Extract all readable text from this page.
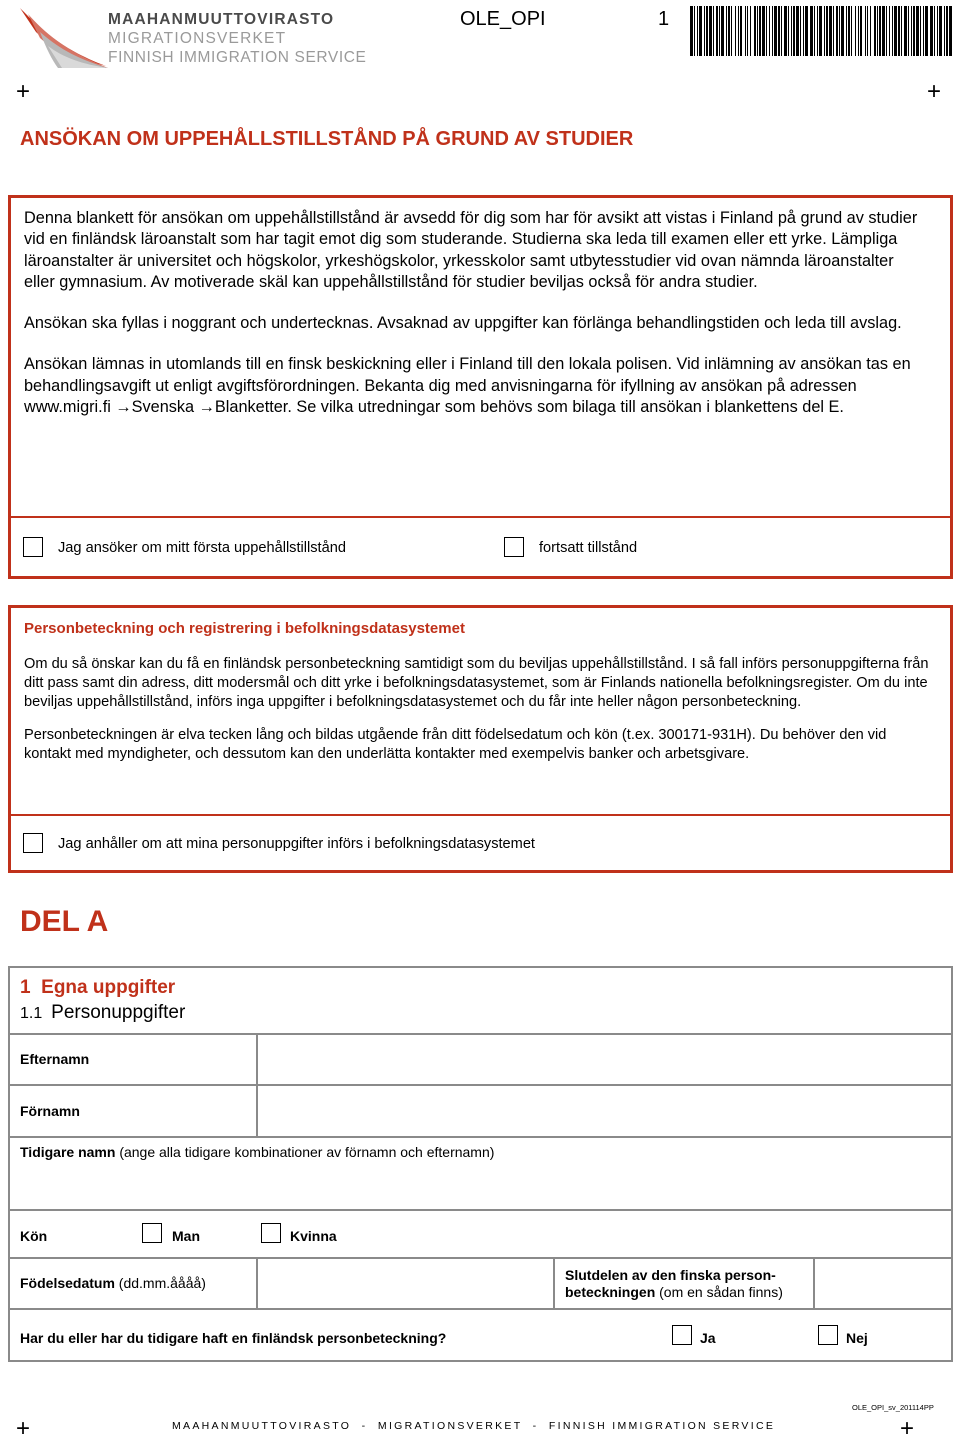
MAAHANMUUTTOVIRASTO
MIGRATIONSVERKET
FINNISH IMMIGRATION SERVICE
OLE_OPI	1
*OLE_OPI*
+	+
ANSÖKAN OM UPPEHÅLLSTILLSTÅND PÅ GRUND AV STUDIER

Denna blankett för ansökan om uppehållstillstånd är avsedd för dig som har för avsikt att vistas i Finland på grund av studier vid en finländsk läroanstalt som har tagit emot dig som studerande. Studierna ska leda till examen eller ett yrke. Lämpliga läroanstalter är universitet och högskolor, yrkeshögskolor, yrkesskolor samt utbytesstudier vid ovan nämnda läroanstalter eller gymnasium. Av motiverade skäl kan uppehållstillstånd för studier beviljas också för andra studier.

Ansökan ska fyllas i noggrant och undertecknas. Avsaknad av uppgifter kan förlänga behandlingstiden och leda till avslag.

Ansökan lämnas in utomlands till en finsk beskickning eller i Finland till den lokala polisen. Vid inlämning av ansökan tas en behandlingsavgift ut enligt avgiftsförordningen. Bekanta dig med anvisningarna för ifyllning av ansökan på adressen www.migri.fi →Svenska →Blanketter. Se vilka utredningar som behövs som bilaga till ansökan i blankettens del E.

Jag ansöker om mitt första uppehållstillstånd	fortsatt tillstånd
Personbeteckning och registrering i befolkningsdatasystemet

Om du så önskar kan du få en finländsk personbeteckning samtidigt som du beviljas uppehållstillstånd. I så fall införs personuppgifterna från ditt pass samt din adress, ditt modersmål och ditt yrke i befolkningsdatasystemet, som är Finlands nationella befolkningsregister. Om du inte beviljas uppehållstillstånd, införs inga uppgifter i befolkningsdatasystemet och du får inte heller någon personbeteckning.

Personbeteckningen är elva tecken lång och bildas utgående från ditt födelsedatum och kön (t.ex. 300171-931H). Du behöver den vid kontakt med myndigheter, och dessutom kan den underlätta kontakter med exempelvis banker och arbetsgivare.

Jag anhåller om att mina personuppgifter införs i befolkningsdatasystemet
DEL A
1 Egna uppgifter
1.1 Personuppgifter
Efternamn
Förnamn
Tidigare namn (ange alla tidigare kombinationer av förnamn och efternamn)
Kön	Man	Kvinna
Födelsedatum (dd.mm.åååå)	Slutdelen av den finska person-beteckningen (om en sådan finns)
Har du eller har du tidigare haft en finländsk personbeteckning?	Ja	Nej
OLE_OPI_sv_201114PP
MAAHANMUUTTOVIRASTO  -  MIGRATIONSVERKET  -  FINNISH IMMIGRATION SERVICE
+	+
